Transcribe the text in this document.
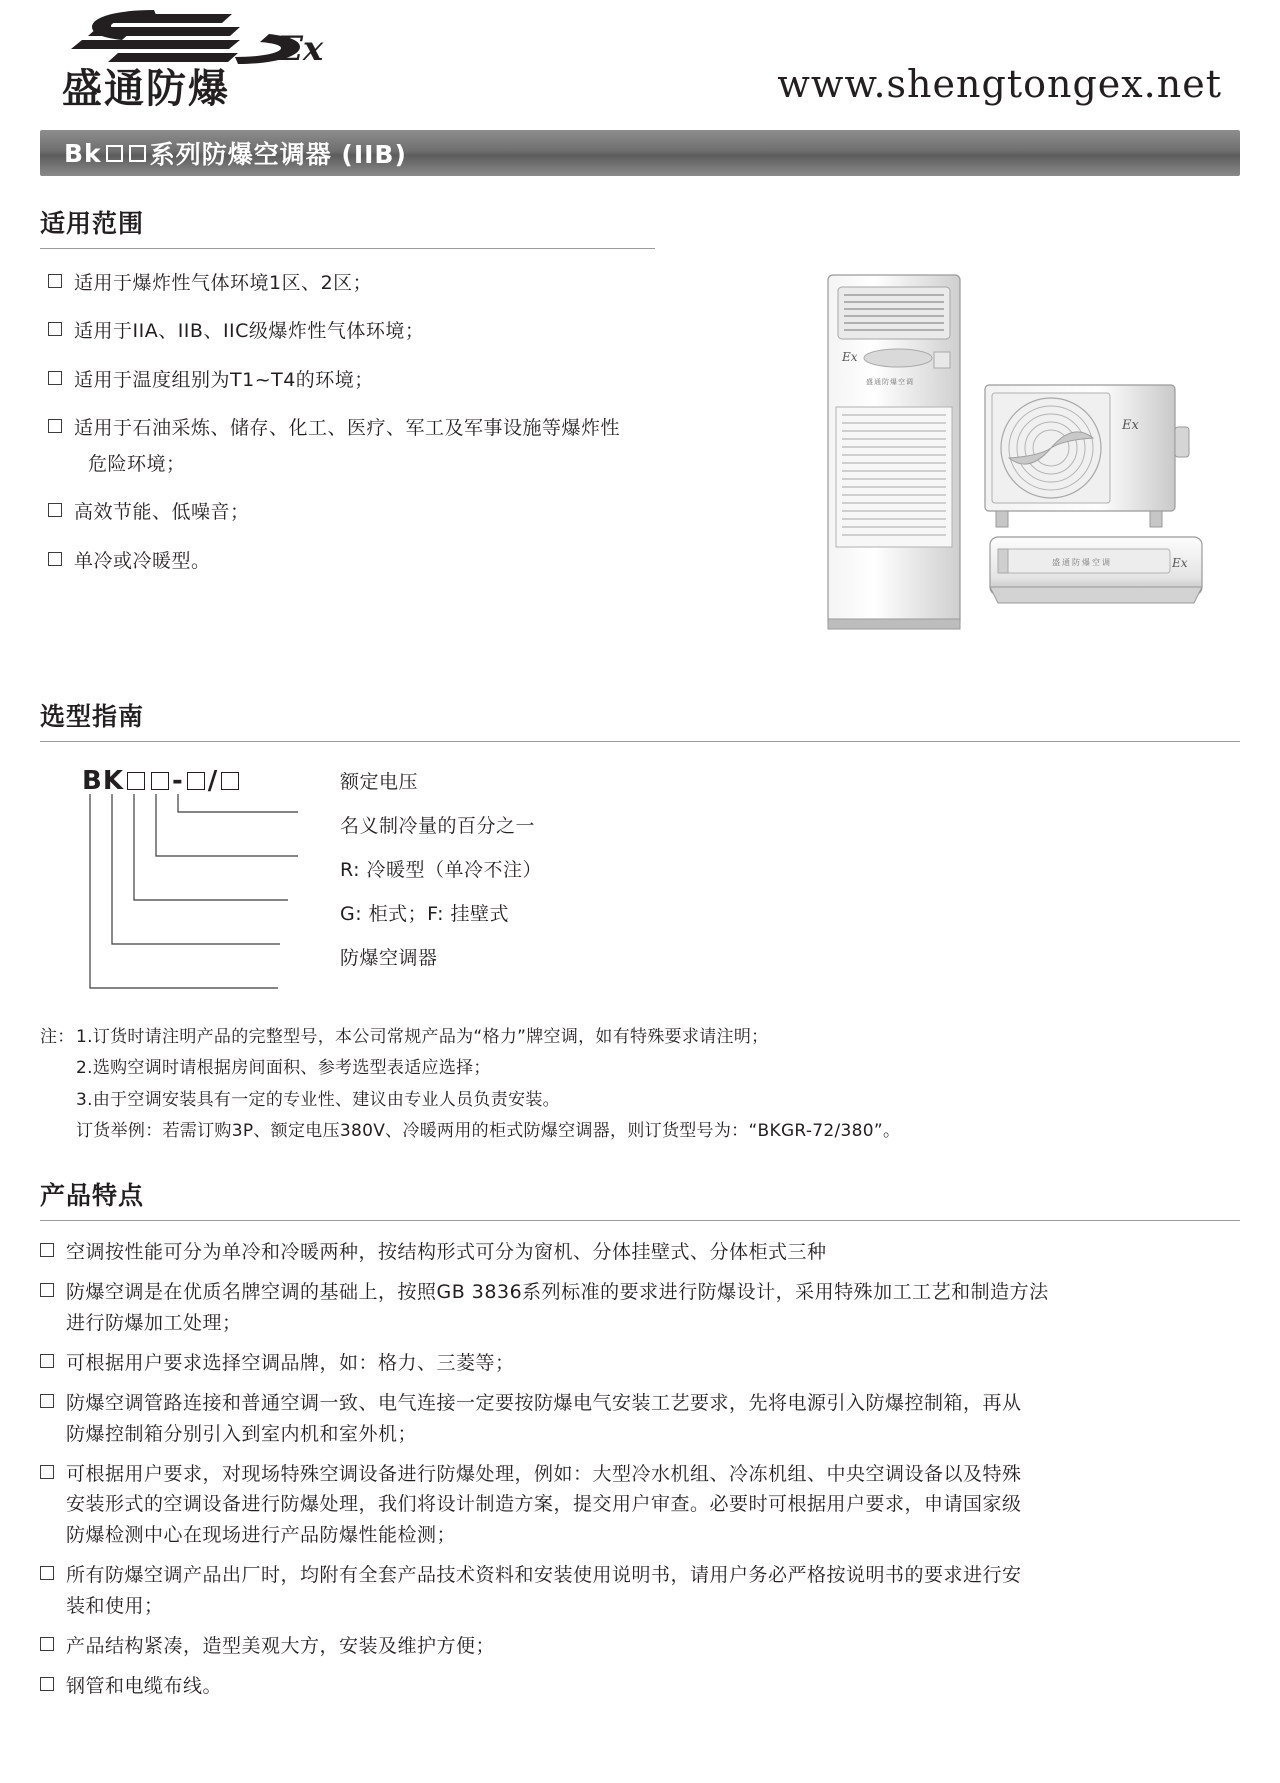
Ex
盛通防爆	www.shengtongex.net
Bk 系列防爆空调器 (IIB)
适用范围
适用于爆炸性气体环境1区、2区；
适用于IIA、IIB、IIC级爆炸性气体环境；
适用于温度组别为T1~T4的环境；
适用于石油采炼、储存、化工、医疗、军工及军事设施等爆炸性
危险环境；
高效节能、低噪音；
单冷或冷暖型。
Ex
盛通防爆空调
Ex
盛通防爆空调	Ex
选型指南
BK - /	额定电压
名义制冷量的百分之一
R: 冷暖型（单冷不注）
G: 柜式；F: 挂壁式
防爆空调器
注： 1.订货时请注明产品的完整型号，本公司常规产品为“格力”牌空调，如有特殊要求请注明；
2.选购空调时请根据房间面积、参考选型表适应选择；
3.由于空调安装具有一定的专业性、建议由专业人员负责安装。
订货举例：若需订购3P、额定电压380V、冷暖两用的柜式防爆空调器，则订货型号为：“BKGR-72/380”。
产品特点
空调按性能可分为单冷和冷暖两种，按结构形式可分为窗机、分体挂壁式、分体柜式三种
防爆空调是在优质名牌空调的基础上，按照GB 3836系列标准的要求进行防爆设计，采用特殊加工工艺和制造方法
进行防爆加工处理；
可根据用户要求选择空调品牌，如：格力、三菱等；
防爆空调管路连接和普通空调一致、电气连接一定要按防爆电气安装工艺要求，先将电源引入防爆控制箱，再从
防爆控制箱分别引入到室内机和室外机；
可根据用户要求，对现场特殊空调设备进行防爆处理，例如：大型冷水机组、冷冻机组、中央空调设备以及特殊
安装形式的空调设备进行防爆处理，我们将设计制造方案，提交用户审查。必要时可根据用户要求，申请国家级
防爆检测中心在现场进行产品防爆性能检测；
所有防爆空调产品出厂时，均附有全套产品技术资料和安装使用说明书，请用户务必严格按说明书的要求进行安
装和使用；
产品结构紧凑，造型美观大方，安装及维护方便；
钢管和电缆布线。
